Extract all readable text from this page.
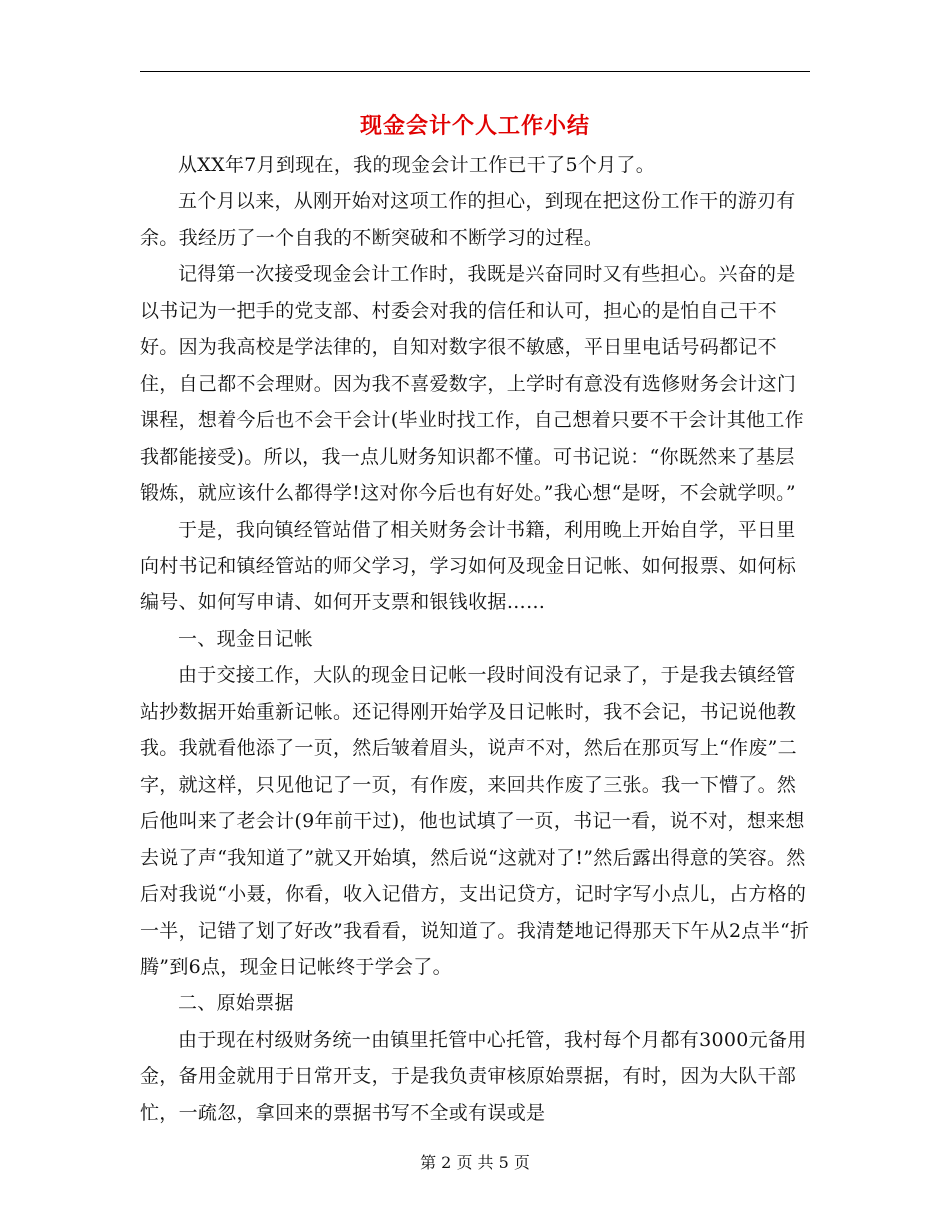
现金会计个人工作小结

从XX年7月到现在，我的现金会计工作已干了5个月了。

五个月以来，从刚开始对这项工作的担心，到现在把这份工作干的游刃有余。我经历了一个自我的不断突破和不断学习的过程。

记得第一次接受现金会计工作时，我既是兴奋同时又有些担心。兴奋的是以书记为一把手的党支部、村委会对我的信任和认可，担心的是怕自己干不好。因为我高校是学法律的，自知对数字很不敏感，平日里电话号码都记不住，自己都不会理财。因为我不喜爱数字，上学时有意没有选修财务会计这门课程，想着今后也不会干会计(毕业时找工作，自己想着只要不干会计其他工作我都能接受)。所以，我一点儿财务知识都不懂。可书记说：“你既然来了基层锻炼，就应该什么都得学!这对你今后也有好处。”我心想“是呀，不会就学呗。”

于是，我向镇经管站借了相关财务会计书籍，利用晚上开始自学，平日里向村书记和镇经管站的师父学习，学习如何及现金日记帐、如何报票、如何标编号、如何写申请、如何开支票和银钱收据……

一、现金日记帐

由于交接工作，大队的现金日记帐一段时间没有记录了，于是我去镇经管站抄数据开始重新记帐。还记得刚开始学及日记帐时，我不会记，书记说他教我。我就看他添了一页，然后皱着眉头，说声不对，然后在那页写上“作废”二字，就这样，只见他记了一页，有作废，来回共作废了三张。我一下懵了。然后他叫来了老会计(9年前干过)，他也试填了一页，书记一看，说不对，想来想去说了声“我知道了”就又开始填，然后说“这就对了!”然后露出得意的笑容。然后对我说“小聂，你看，收入记借方，支出记贷方，记时字写小点儿，占方格的一半，记错了划了好改”我看看，说知道了。我清楚地记得那天下午从2点半“折腾”到6点，现金日记帐终于学会了。

二、原始票据

由于现在村级财务统一由镇里托管中心托管，我村每个月都有3000元备用金，备用金就用于日常开支，于是我负责审核原始票据，有时，因为大队干部忙，一疏忽，拿回来的票据书写不全或有误或是

第 2 页 共 5 页
